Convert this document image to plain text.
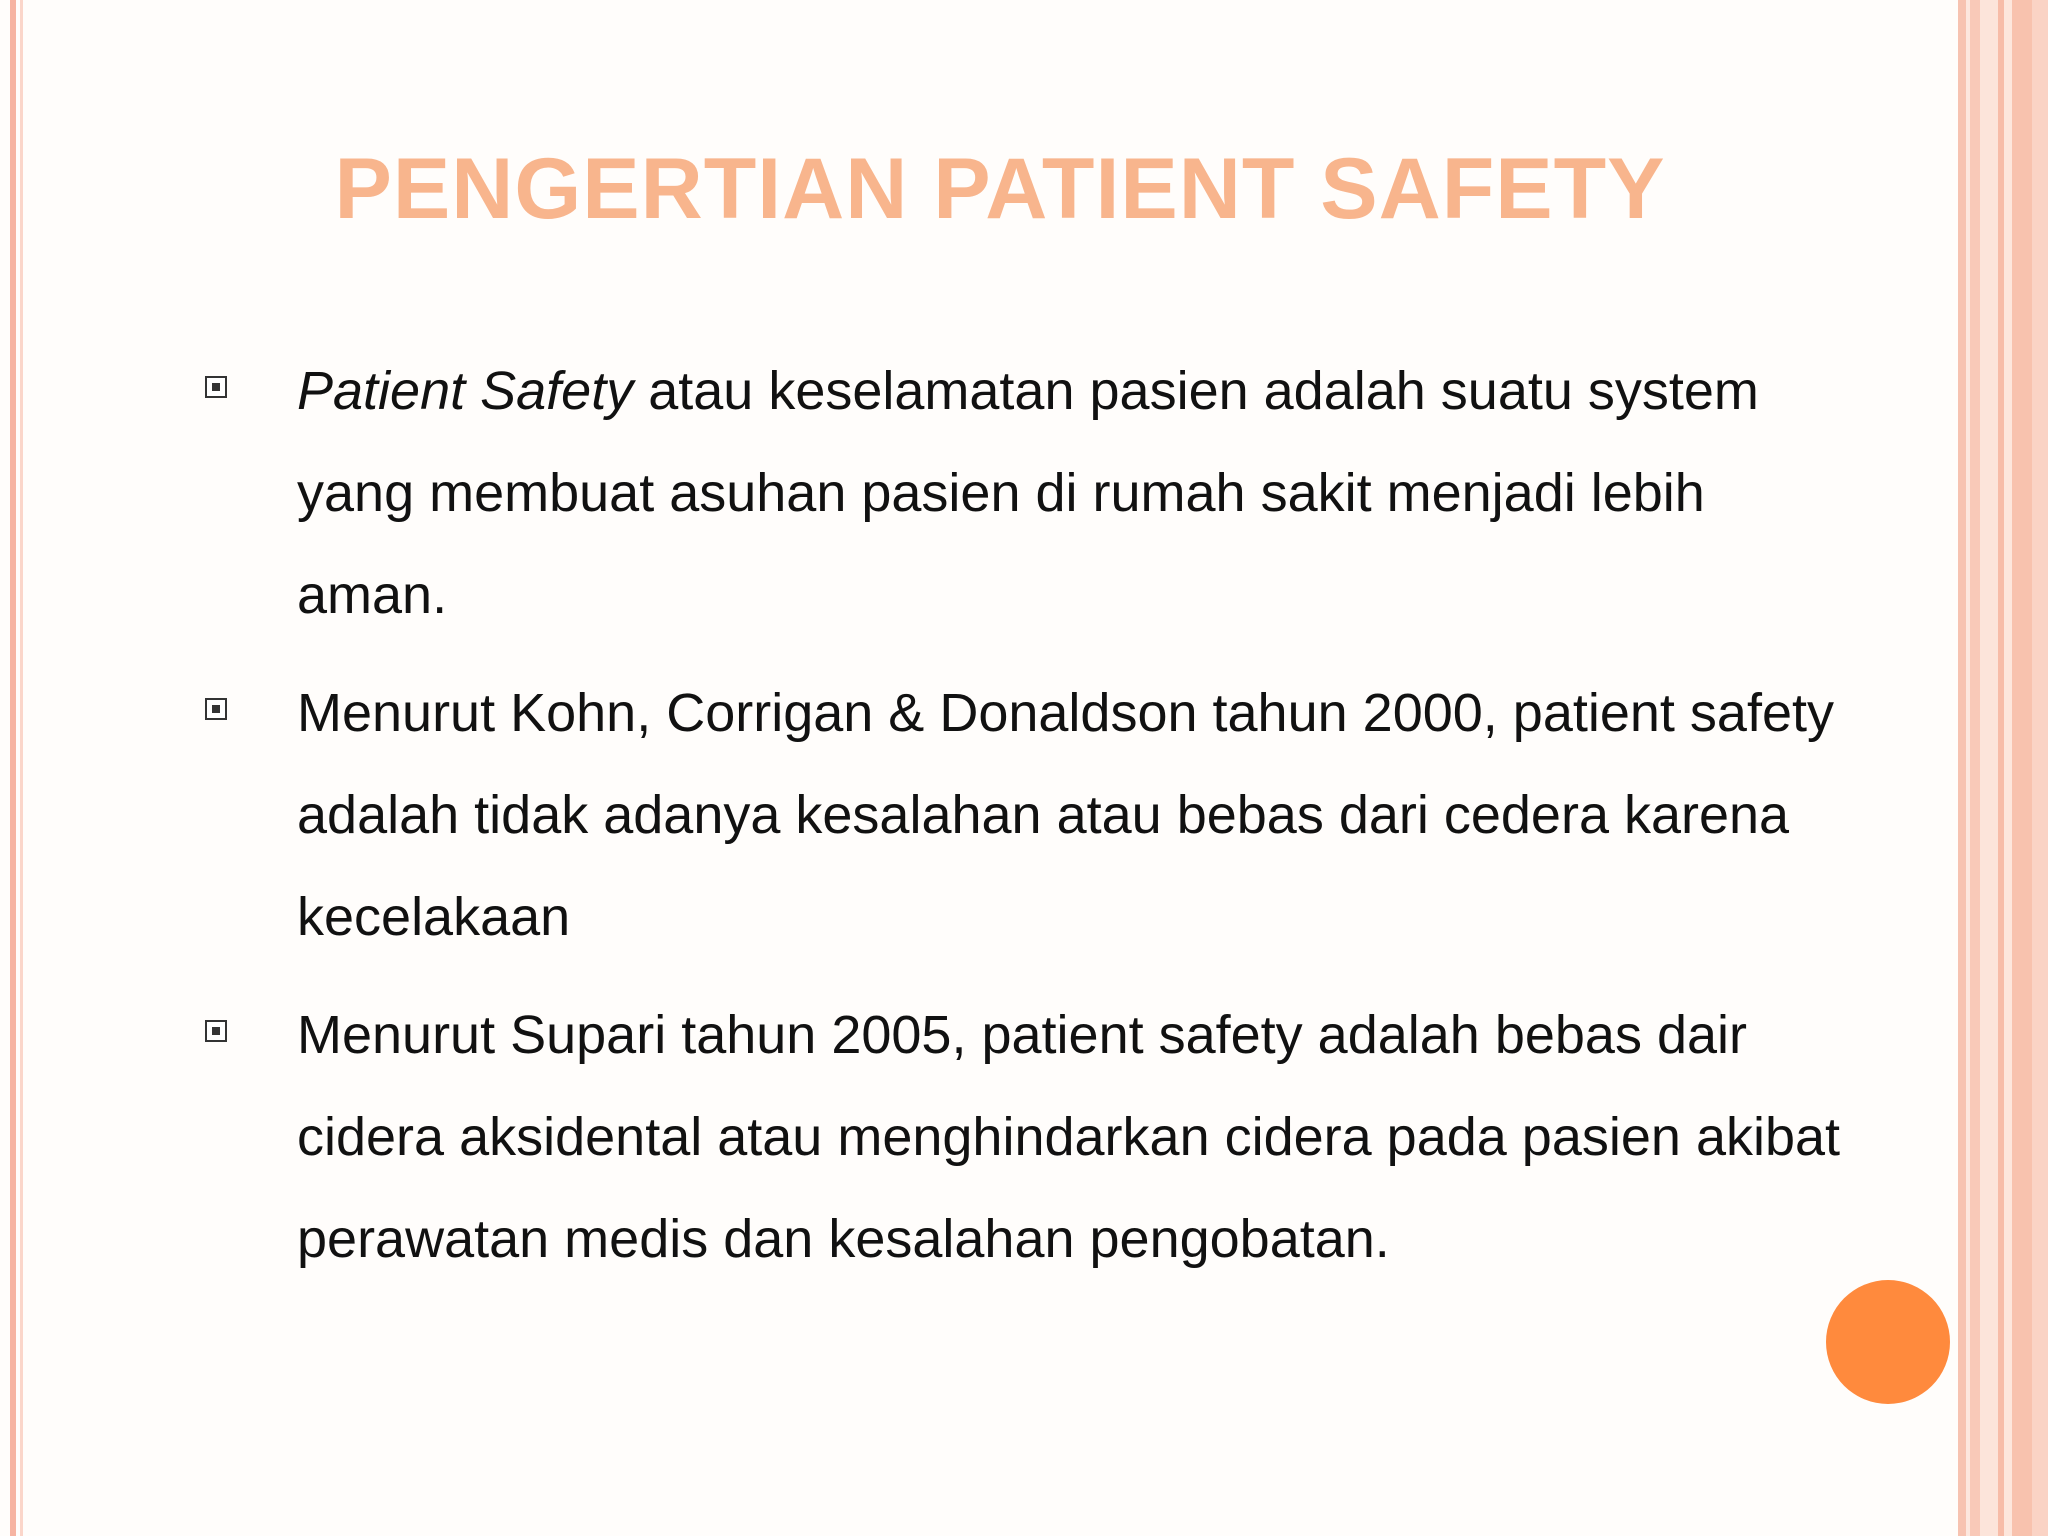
PENGERTIAN PATIENT SAFETY
Patient Safety atau keselamatan pasien adalah suatu system yang membuat asuhan pasien di rumah sakit menjadi lebih aman.
Menurut Kohn, Corrigan & Donaldson tahun 2000, patient safety adalah tidak adanya kesalahan atau bebas dari cedera karena kecelakaan
Menurut Supari tahun 2005, patient safety adalah bebas dair cidera aksidental atau menghindarkan cidera pada pasien akibat perawatan medis dan kesalahan pengobatan.
